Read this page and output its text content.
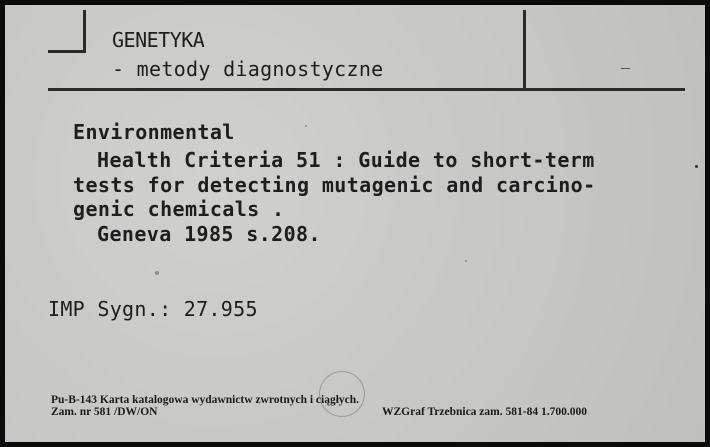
GENETYKA
- metody diagnostyczne
Environmental
Health Criteria 51 : Guide to short-term
tests for detecting mutagenic and carcino-
genic chemicals .
Geneva 1985 s.208.
IMP Sygn.: 27.955
Pu-B-143 Karta katalogowa wydawnictw zwrotnych i ciągłych.
Zam. nr 581 /DW/ON	WZGraf Trzebnica zam. 581-84 1.700.000
